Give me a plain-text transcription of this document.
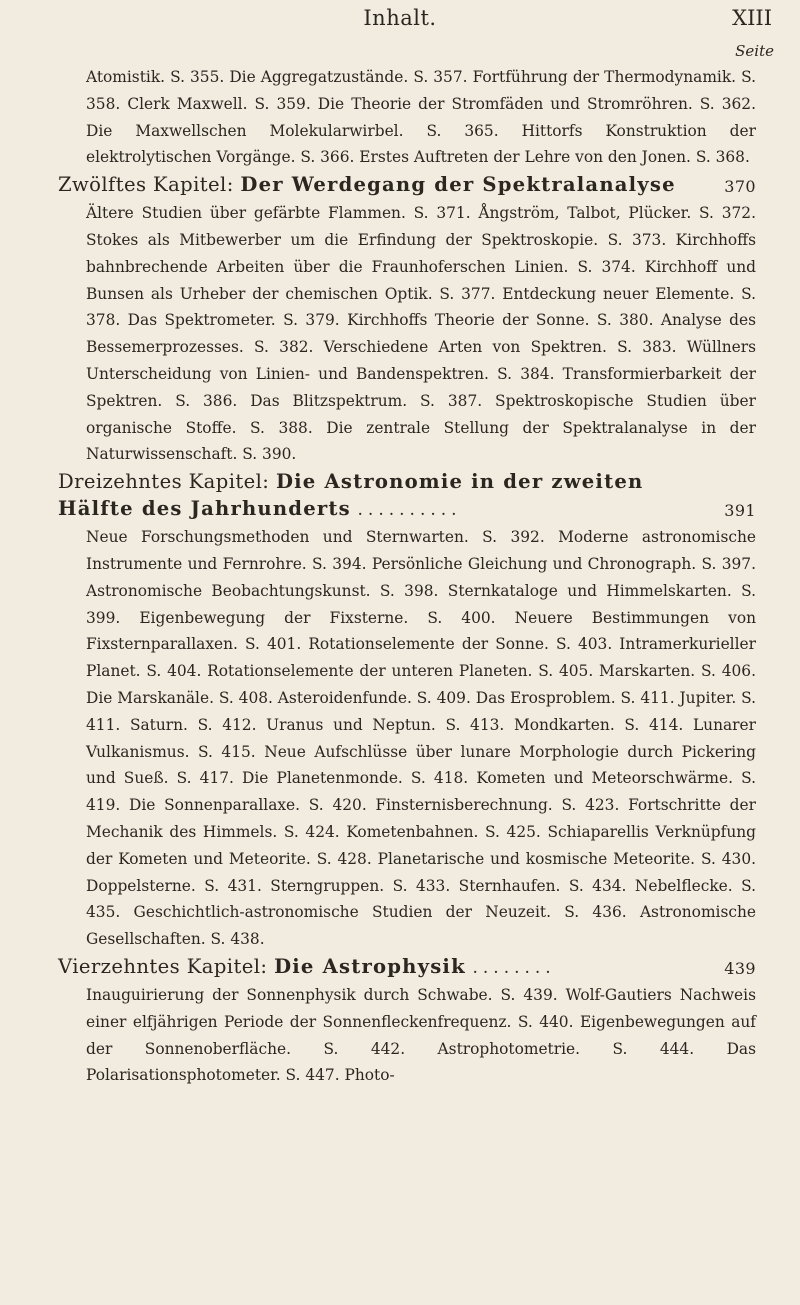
Inhalt.	XIII
Seite

Atomistik. S. 355. Die Aggregatzustände. S. 357. Fortführung der Thermodynamik. S. 358. Clerk Maxwell. S. 359. Die Theorie der Stromfäden und Stromröhren. S. 362. Die Maxwellschen Molekularwirbel. S. 365. Hittorfs Konstruktion der elektrolytischen Vorgänge. S. 366. Erstes Auftreten der Lehre von den Jonen. S. 368.

Zwölftes Kapitel: Der Werdegang der Spektralanalyse	370

Ältere Studien über gefärbte Flammen. S. 371. Ångström, Talbot, Plücker. S. 372. Stokes als Mitbewerber um die Erfindung der Spektroskopie. S. 373. Kirchhoffs bahnbrechende Arbeiten über die Fraunhoferschen Linien. S. 374. Kirchhoff und Bunsen als Urheber der chemischen Optik. S. 377. Entdeckung neuer Elemente. S. 378. Das Spektrometer. S. 379. Kirchhoffs Theorie der Sonne. S. 380. Analyse des Bessemerprozesses. S. 382. Verschiedene Arten von Spektren. S. 383. Wüllners Unterscheidung von Linien- und Bandenspektren. S. 384. Transformierbarkeit der Spektren. S. 386. Das Blitzspektrum. S. 387. Spektroskopische Studien über organische Stoffe. S. 388. Die zentrale Stellung der Spektralanalyse in der Naturwissenschaft. S. 390.

Dreizehntes Kapitel: Die Astronomie in der zweiten Hälfte des Jahrhunderts ..........	391

Neue Forschungsmethoden und Sternwarten. S. 392. Moderne astronomische Instrumente und Fernrohre. S. 394. Persönliche Gleichung und Chronograph. S. 397. Astronomische Beobachtungskunst. S. 398. Sternkataloge und Himmelskarten. S. 399. Eigenbewegung der Fixsterne. S. 400. Neuere Bestimmungen von Fixsternparallaxen. S. 401. Rotationselemente der Sonne. S. 403. Intramerkurieller Planet. S. 404. Rotationselemente der unteren Planeten. S. 405. Marskarten. S. 406. Die Marskanäle. S. 408. Asteroidenfunde. S. 409. Das Erosproblem. S. 411. Jupiter. S. 411. Saturn. S. 412. Uranus und Neptun. S. 413. Mondkarten. S. 414. Lunarer Vulkanismus. S. 415. Neue Aufschlüsse über lunare Morphologie durch Pickering und Sueß. S. 417. Die Planetenmonde. S. 418. Kometen und Meteorschwärme. S. 419. Die Sonnenparallaxe. S. 420. Finsternisberechnung. S. 423. Fortschritte der Mechanik des Himmels. S. 424. Kometenbahnen. S. 425. Schiaparellis Verknüpfung der Kometen und Meteorite. S. 428. Planetarische und kosmische Meteorite. S. 430. Doppelsterne. S. 431. Sterngruppen. S. 433. Sternhaufen. S. 434. Nebelflecke. S. 435. Geschichtlich-astronomische Studien der Neuzeit. S. 436. Astronomische Gesellschaften. S. 438.

Vierzehntes Kapitel: Die Astrophysik ........	439

Inauguirierung der Sonnenphysik durch Schwabe. S. 439. Wolf-Gautiers Nachweis einer elfjährigen Periode der Sonnenfleckenfrequenz. S. 440. Eigenbewegungen auf der Sonnenoberfläche. S. 442. Astrophotometrie. S. 444. Das Polarisationsphotometer. S. 447. Photo-
